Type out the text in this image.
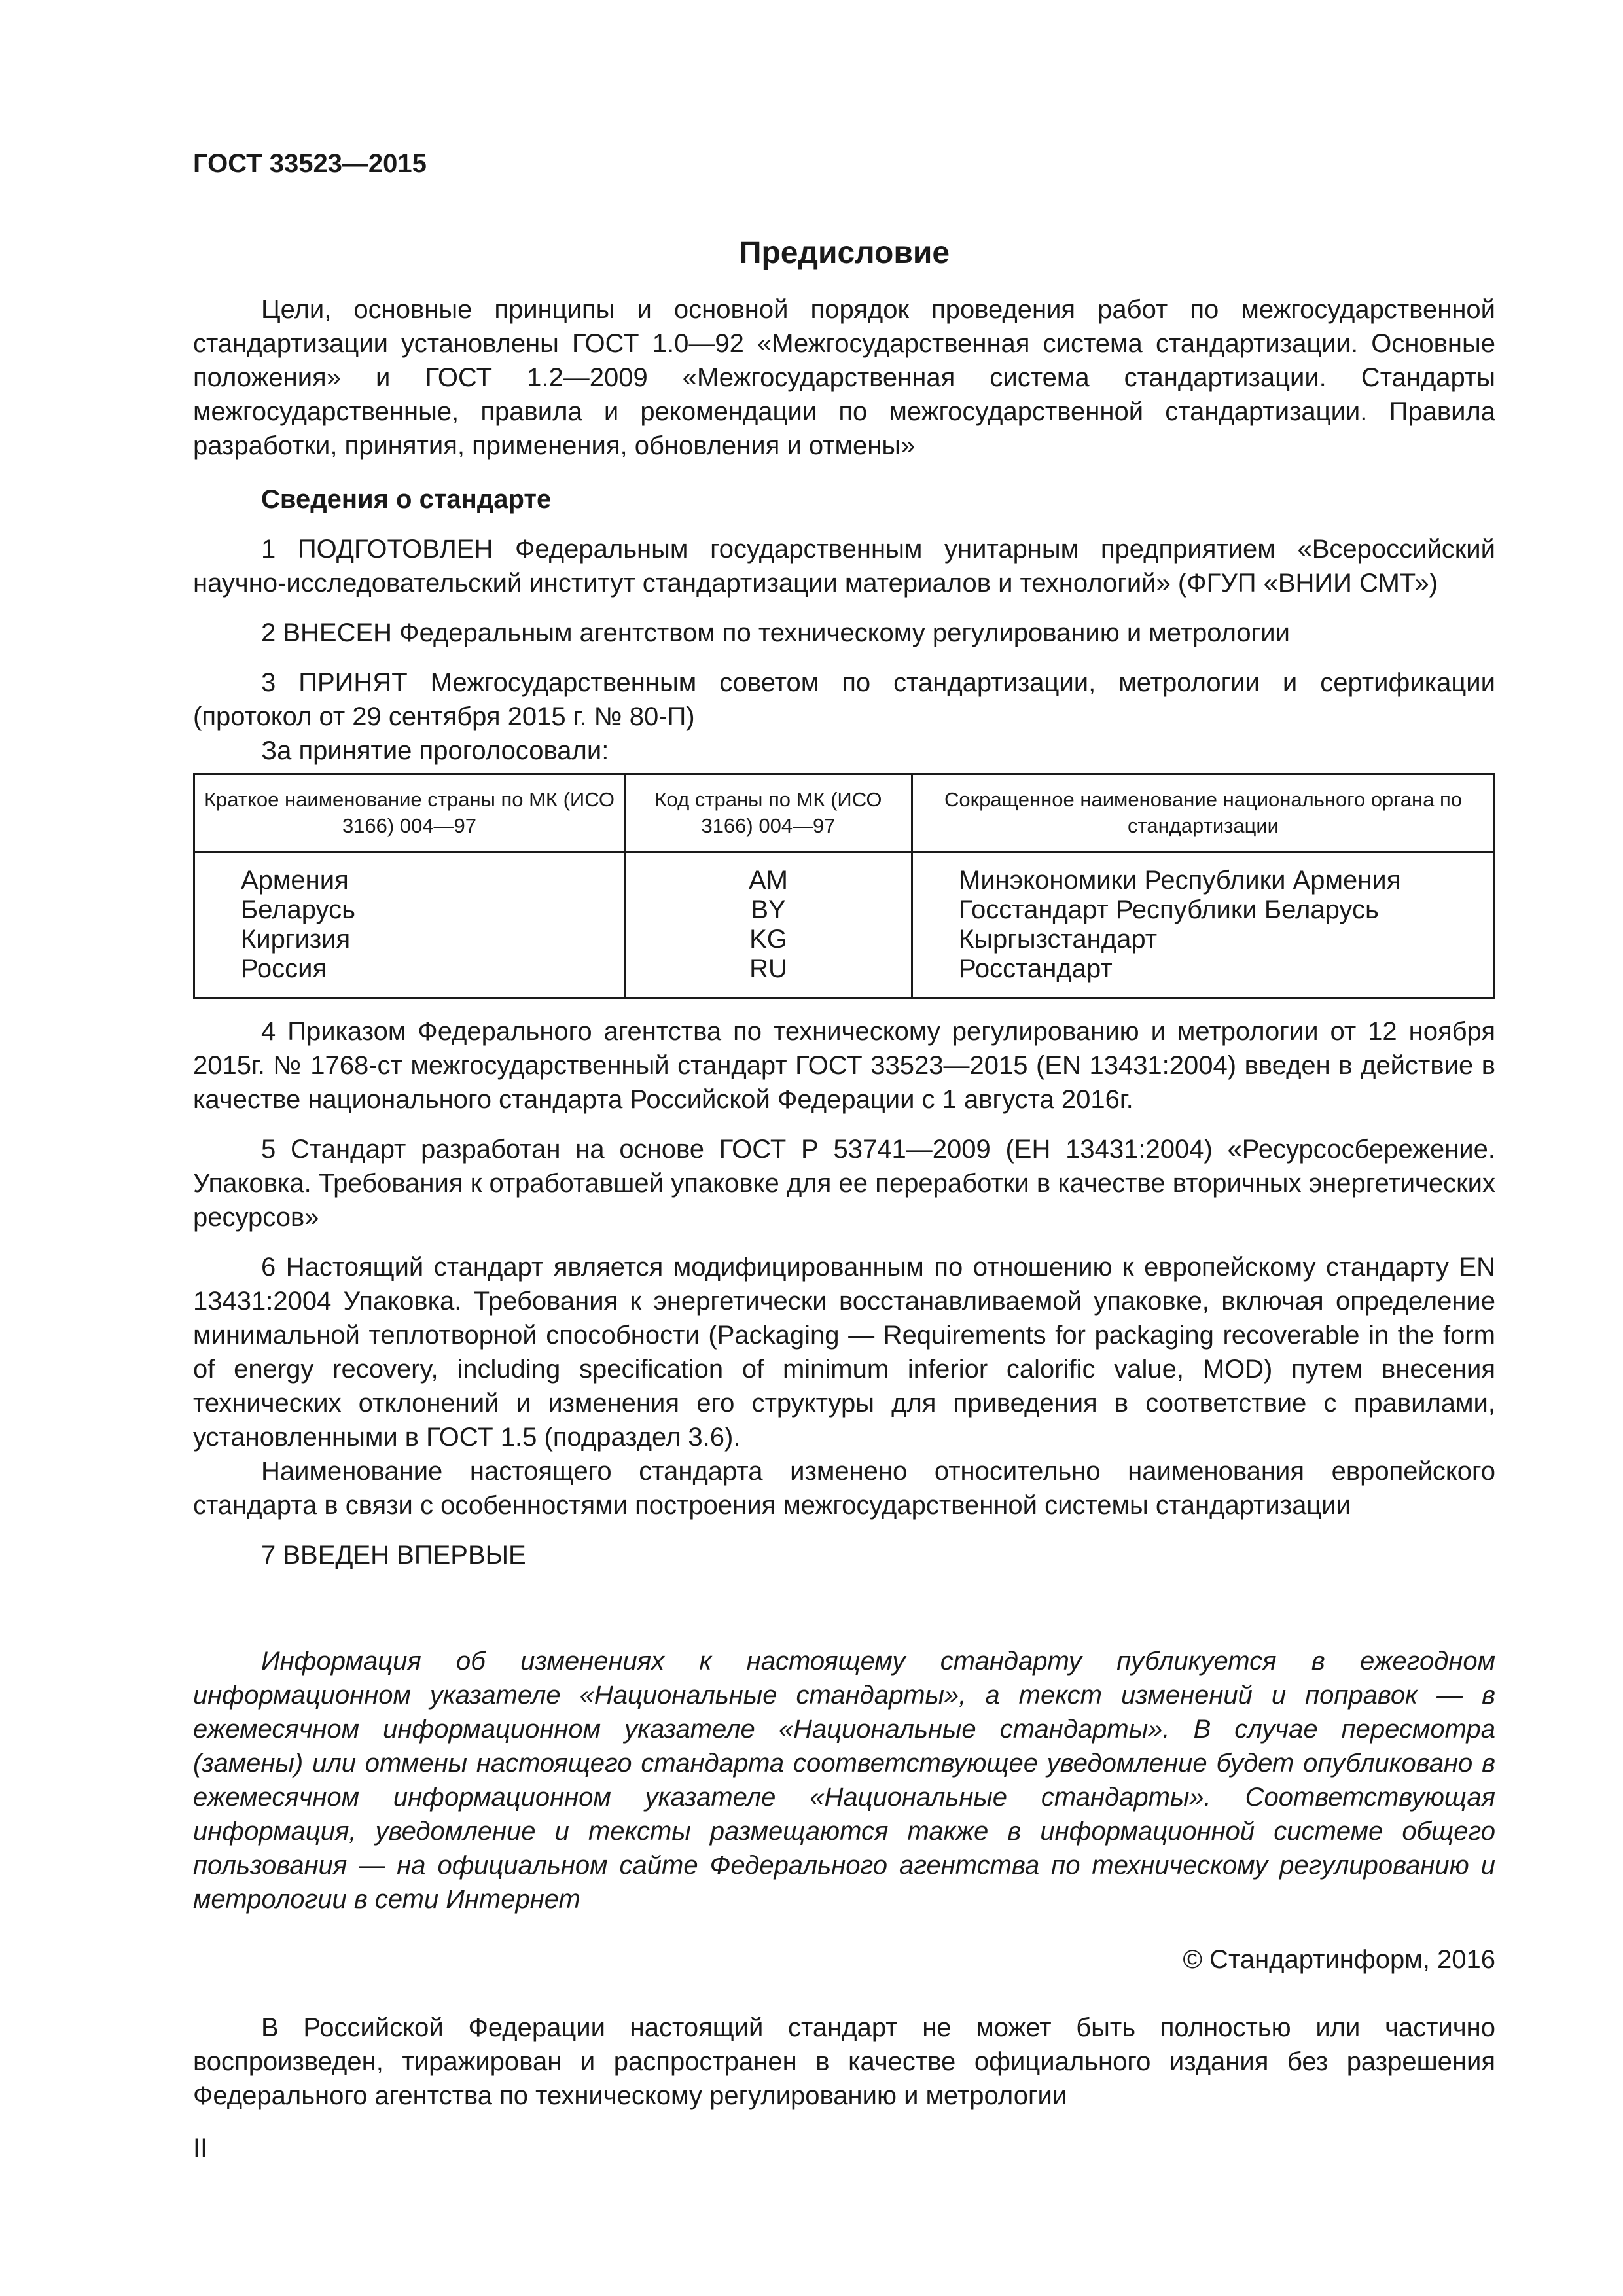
ГОСТ 33523—2015
Предисловие

Цели, основные принципы и основной порядок проведения работ по межгосударственной стандартизации установлены ГОСТ 1.0—92 «Межгосударственная система стандартизации. Основные положения» и ГОСТ 1.2—2009 «Межгосударственная система стандартизации. Стандарты межгосударственные, правила и рекомендации по межгосударственной стандартизации. Правила разработки, принятия, применения, обновления и отмены»

Сведения о стандарте

1 ПОДГОТОВЛЕН Федеральным государственным унитарным предприятием «Всероссийский научно-исследовательский институт стандартизации материалов и технологий» (ФГУП «ВНИИ СМТ»)

2 ВНЕСЕН Федеральным агентством по техническому регулированию и метрологии

3 ПРИНЯТ Межгосударственным советом по стандартизации, метрологии и сертификации (протокол от 29 сентября 2015 г. № 80-П)

За принятие проголосовали:

Краткое наименование страны по МК (ИСО 3166) 004—97	Код страны по МК (ИСО 3166) 004—97	Сокращенное наименование национального органа по стандартизации
Армения	AM	Минэкономики Республики Армения
Беларусь	BY	Госстандарт Республики Беларусь
Киргизия	KG	Кыргызстандарт
Россия	RU	Росстандарт

4 Приказом Федерального агентства по техническому регулированию и метрологии от 12 ноября 2015г. № 1768-ст межгосударственный стандарт ГОСТ 33523—2015 (EN 13431:2004) введен в действие в качестве национального стандарта Российской Федерации с 1 августа 2016г.

5 Стандарт разработан на основе ГОСТ Р 53741—2009 (ЕН 13431:2004) «Ресурсосбережение. Упаковка. Требования к отработавшей упаковке для ее переработки в качестве вторичных энергетических ресурсов»

6 Настоящий стандарт является модифицированным по отношению к европейскому стандарту EN 13431:2004 Упаковка. Требования к энергетически восстанавливаемой упаковке, включая определение минимальной теплотворной способности (Packaging — Requirements for packaging recoverable in the form of energy recovery, including specification of minimum inferior calorific value, MOD) путем внесения технических отклонений и изменения его структуры для приведения в соответствие с правилами, установленными в ГОСТ 1.5 (подраздел 3.6).

Наименование настоящего стандарта изменено относительно наименования европейского стандарта в связи с особенностями построения межгосударственной системы стандартизации

7 ВВЕДЕН ВПЕРВЫЕ

Информация об изменениях к настоящему стандарту публикуется в ежегодном информационном указателе «Национальные стандарты», а текст изменений и поправок — в ежемесячном информационном указателе «Национальные стандарты». В случае пересмотра (замены) или отмены настоящего стандарта соответствующее уведомление будет опубликовано в ежемесячном информационном указателе «Национальные стандарты». Соответствующая информация, уведомление и тексты размещаются также в информационной системе общего пользования — на официальном сайте Федерального агентства по техническому регулированию и метрологии в сети Интернет

© Стандартинформ, 2016

В Российской Федерации настоящий стандарт не может быть полностью или частично воспроизведен, тиражирован и распространен в качестве официального издания без разрешения Федерального агентства по техническому регулированию и метрологии

II
